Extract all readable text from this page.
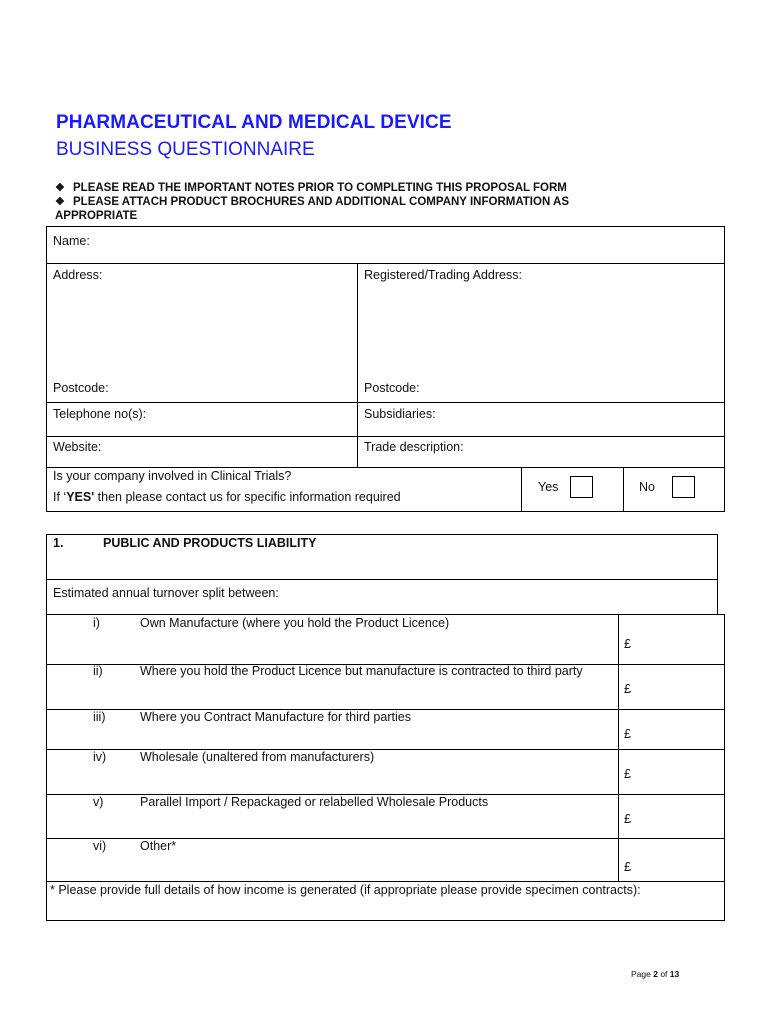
PHARMACEUTICAL AND MEDICAL DEVICE
BUSINESS QUESTIONNAIRE
❖ PLEASE READ THE IMPORTANT NOTES PRIOR TO COMPLETING THIS PROPOSAL FORM
❖ PLEASE ATTACH PRODUCT BROCHURES AND ADDITIONAL COMPANY INFORMATION AS
APPROPRIATE
Name:
Address:	Registered/Trading Address:
Postcode:	Postcode:
Telephone no(s):	Subsidiaries:
Website:	Trade description:
Is your company involved in Clinical Trials?
If ‘YES' then please contact us for specific information required
Yes	No
1.	PUBLIC AND PRODUCTS LIABILITY
Estimated annual turnover split between:
i)	Own Manufacture (where you hold the Product Licence)
£
ii)	Where you hold the Product Licence but manufacture is contracted to third party
£
iii)	Where you Contract Manufacture for third parties
£
iv)	Wholesale (unaltered from manufacturers)
£
v)	Parallel Import / Repackaged or relabelled Wholesale Products
£
vi)	Other*
£
* Please provide full details of how income is generated (if appropriate please provide specimen contracts):
Page 2 of 13
